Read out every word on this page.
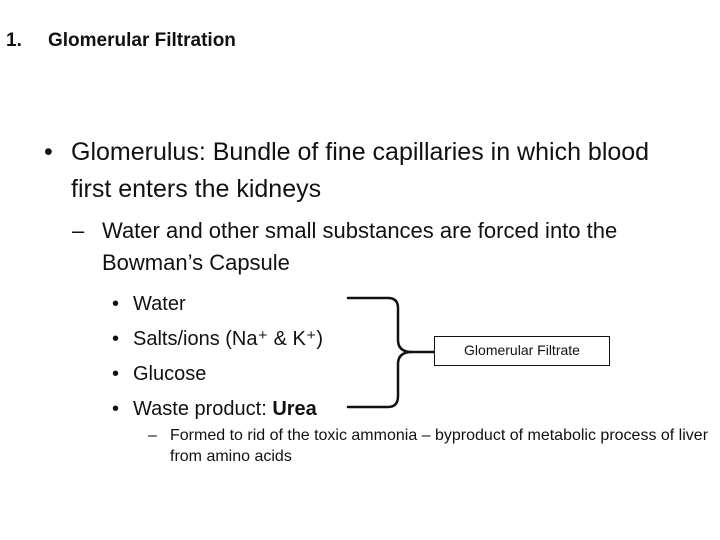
1. Glomerular Filtration
• Glomerulus: Bundle of fine capillaries in which blood first enters the kidneys
– Water and other small substances are forced into the Bowman’s Capsule
• Water
• Salts/ions (Na⁺ & K⁺)
• Glucose
• Waste product: Urea
Glomerular Filtrate
– Formed to rid of the toxic ammonia – byproduct of metabolic process of liver from amino acids
